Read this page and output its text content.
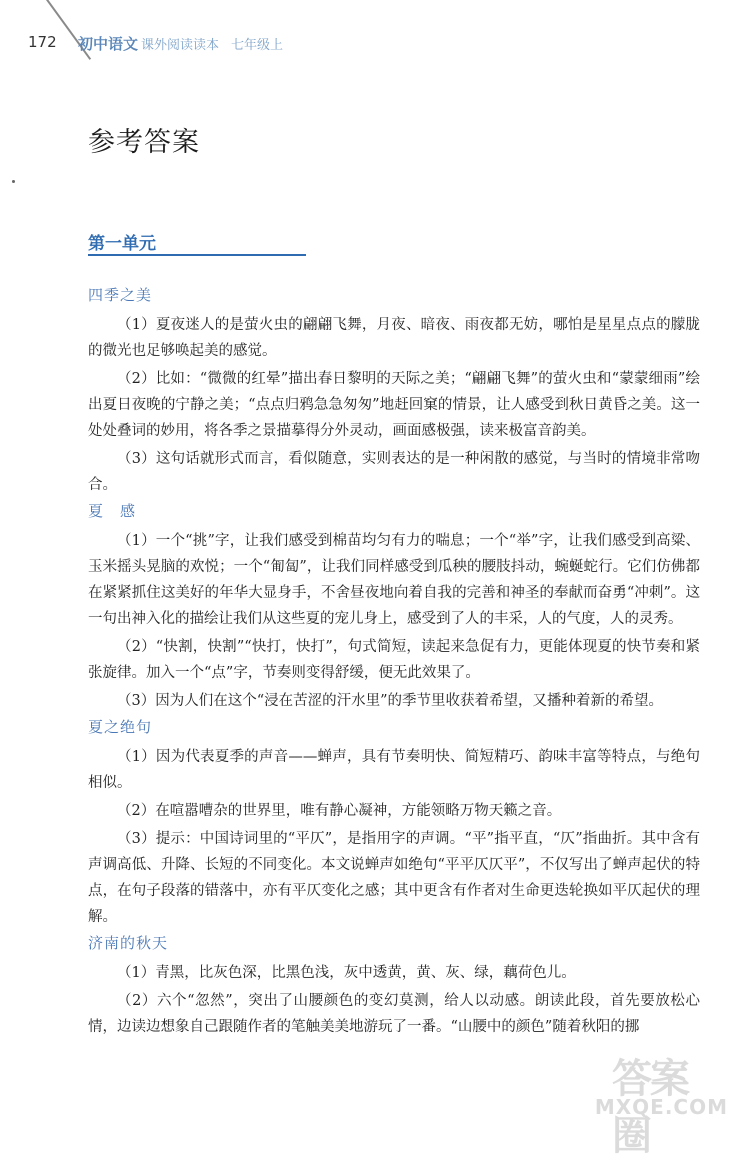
172 初中语文 课外阅读读本 七年级上
参考答案
第一单元
四季之美

（1）夏夜迷人的是萤火虫的翩翩飞舞，月夜、暗夜、雨夜都无妨，哪怕是星星点点的朦胧的微光也足够唤起美的感觉。

（2）比如：“微微的红晕”描出春日黎明的天际之美；“翩翩飞舞”的萤火虫和“蒙蒙细雨”绘出夏日夜晚的宁静之美；“点点归鸦急急匆匆”地赶回窠的情景，让人感受到秋日黄昏之美。这一处处叠词的妙用，将各季之景描摹得分外灵动，画面感极强，读来极富音韵美。

（3）这句话就形式而言，看似随意，实则表达的是一种闲散的感觉，与当时的情境非常吻合。

夏　感

（1）一个“挑”字，让我们感受到棉苗均匀有力的喘息；一个“举”字，让我们感受到高粱、玉米摇头晃脑的欢悦；一个“匍匐”，让我们同样感受到瓜秧的腰肢抖动，蜿蜒蛇行。它们仿佛都在紧紧抓住这美好的年华大显身手，不舍昼夜地向着自我的完善和神圣的奉献而奋勇“冲刺”。这一句出神入化的描绘让我们从这些夏的宠儿身上，感受到了人的丰采，人的气度，人的灵秀。

（2）“快割，快割”“快打，快打”，句式简短，读起来急促有力，更能体现夏的快节奏和紧张旋律。加入一个“点”字，节奏则变得舒缓，便无此效果了。

（3）因为人们在这个“浸在苦涩的汗水里”的季节里收获着希望，又播种着新的希望。

夏之绝句

（1）因为代表夏季的声音——蝉声，具有节奏明快、简短精巧、韵味丰富等特点，与绝句相似。

（2）在喧嚣嘈杂的世界里，唯有静心凝神，方能领略万物天籁之音。

（3）提示：中国诗词里的“平仄”，是指用字的声调。“平”指平直，“仄”指曲折。其中含有声调高低、升降、长短的不同变化。本文说蝉声如绝句“平平仄仄平”，不仅写出了蝉声起伏的特点，在句子段落的错落中，亦有平仄变化之感；其中更含有作者对生命更迭轮换如平仄起伏的理解。

济南的秋天

（1）青黑，比灰色深，比黑色浅，灰中透黄，黄、灰、绿，藕荷色儿。

（2）六个“忽然”，突出了山腰颜色的变幻莫测，给人以动感。朗读此段，首先要放松心情，边读边想象自己跟随作者的笔触美美地游玩了一番。“山腰中的颜色”随着秋阳的挪

答案圈
MXQE.COM
